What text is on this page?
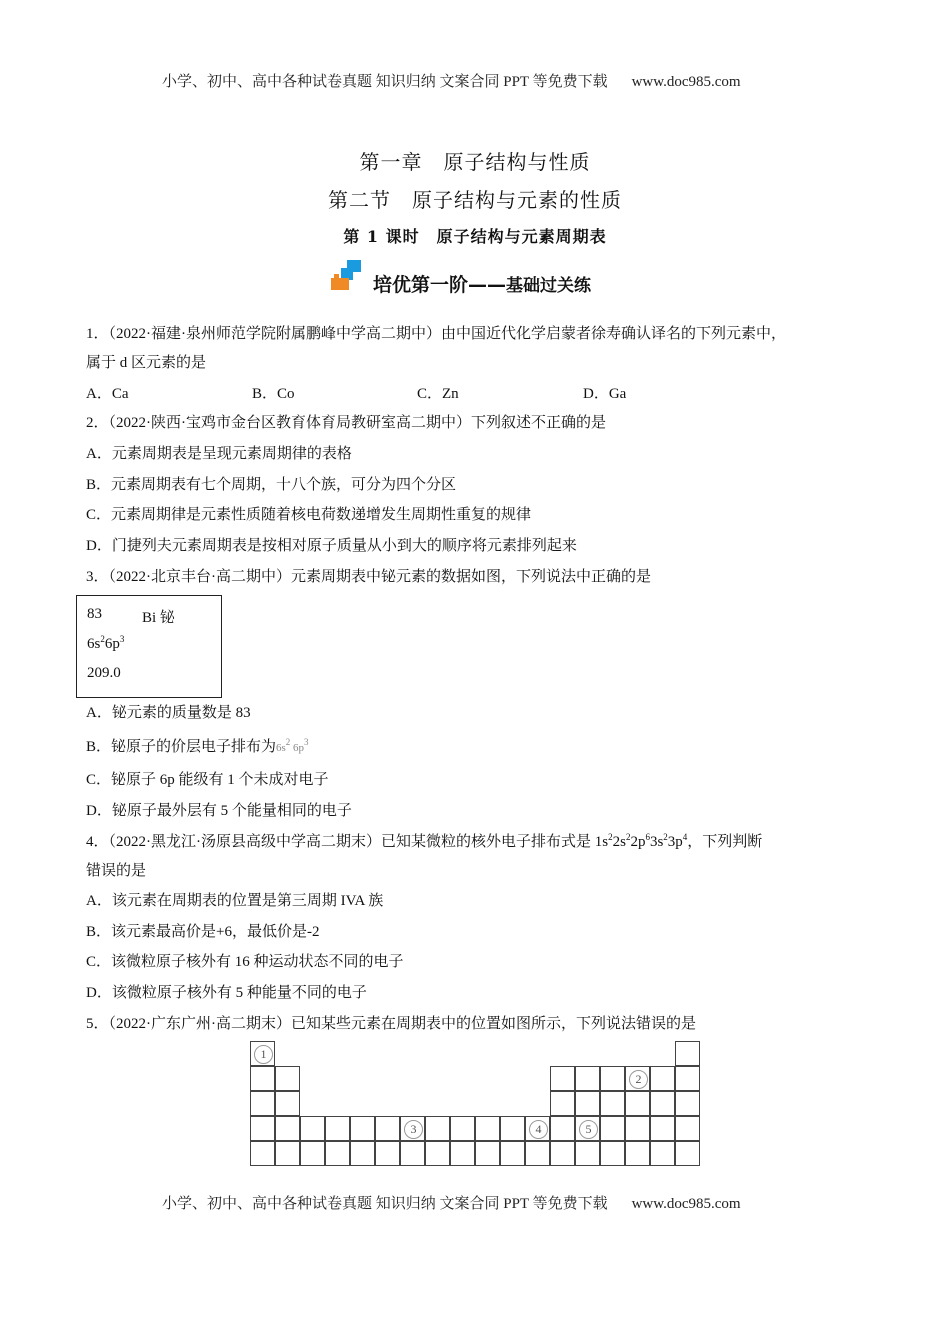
小学、初中、高中各种试卷真题 知识归纳 文案合同 PPT 等免费下载 www.doc985.com
第一章　原子结构与性质
第二节　原子结构与元素的性质
第 1 课时　原子结构与元素周期表
培优第一阶——基础过关练
1．（2022·福建·泉州师范学院附属鹏峰中学高二期中）由中国近代化学启蒙者徐寿确认译名的下列元素中，
属于 d 区元素的是
A．Ca	B．Co	C．Zn	D．Ga
2．（2022·陕西·宝鸡市金台区教育体育局教研室高二期中）下列叙述不正确的是
A．元素周期表是呈现元素周期律的表格
B．元素周期表有七个周期，十八个族，可分为四个分区
C．元素周期律是元素性质随着核电荷数递增发生周期性重复的规律
D．门捷列夫元素周期表是按相对原子质量从小到大的顺序将元素排列起来
3．（2022·北京丰台·高二期中）元素周期表中铋元素的数据如图，下列说法中正确的是
83	Bi 铋
$6s^26p^3$
209.0
A．铋元素的质量数是 83
B．铋原子的价层电子排布为$6s^2$ $6p^3$
C．铋原子 6p 能级有 1 个未成对电子
D．铋原子最外层有 5 个能量相同的电子
4．（2022·黑龙江·汤原县高级中学高二期末）已知某微粒的核外电子排布式是 $1s^22s^22p^63s^23p^4$，下列判断
错误的是
A．该元素在周期表的位置是第三周期 IVA 族
B．该元素最高价是+6，最低价是-2
C．该微粒原子核外有 16 种运动状态不同的电子
D．该微粒原子核外有 5 种能量不同的电子
5．（2022·广东广州·高二期末）已知某些元素在周期表中的位置如图所示，下列说法错误的是
1
2
3	4	5
小学、初中、高中各种试卷真题 知识归纳 文案合同 PPT 等免费下载 www.doc985.com
